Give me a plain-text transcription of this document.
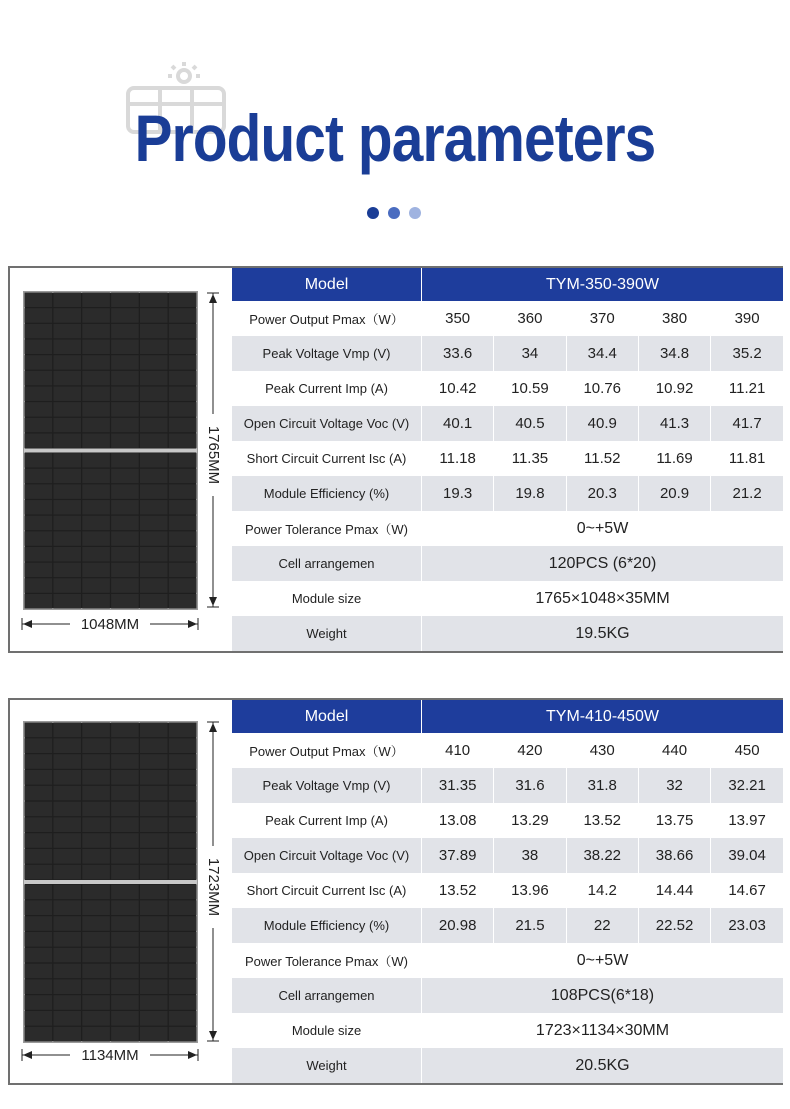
Product parameters
1765MM
1048MM
Model	TYM-350-390W				
Power Output Pmax（W）	350	360	370	380	390
Peak Voltage Vmp (V)	33.6	34	34.4	34.8	35.2
Peak Current Imp (A)	10.42	10.59	10.76	10.92	11.21
Open Circuit Voltage Voc (V)	40.1	40.5	40.9	41.3	41.7
Short Circuit Current Isc (A)	11.18	11.35	11.52	11.69	11.81
Module Efficiency (%)	19.3	19.8	20.3	20.9	21.2
Power Tolerance Pmax（W)	0~+5W				
Cell arrangemen	120PCS (6*20)				
Module size	1765×1048×35MM				
Weight	19.5KG				
1723MM
1134MM
Model	TYM-410-450W				
Power Output Pmax（W）	410	420	430	440	450
Peak Voltage Vmp (V)	31.35	31.6	31.8	32	32.21
Peak Current Imp (A)	13.08	13.29	13.52	13.75	13.97
Open Circuit Voltage Voc (V)	37.89	38	38.22	38.66	39.04
Short Circuit Current Isc (A)	13.52	13.96	14.2	14.44	14.67
Module Efficiency (%)	20.98	21.5	22	22.52	23.03
Power Tolerance Pmax（W)	0~+5W				
Cell arrangemen	108PCS(6*18)				
Module size	1723×1134×30MM				
Weight	20.5KG				
